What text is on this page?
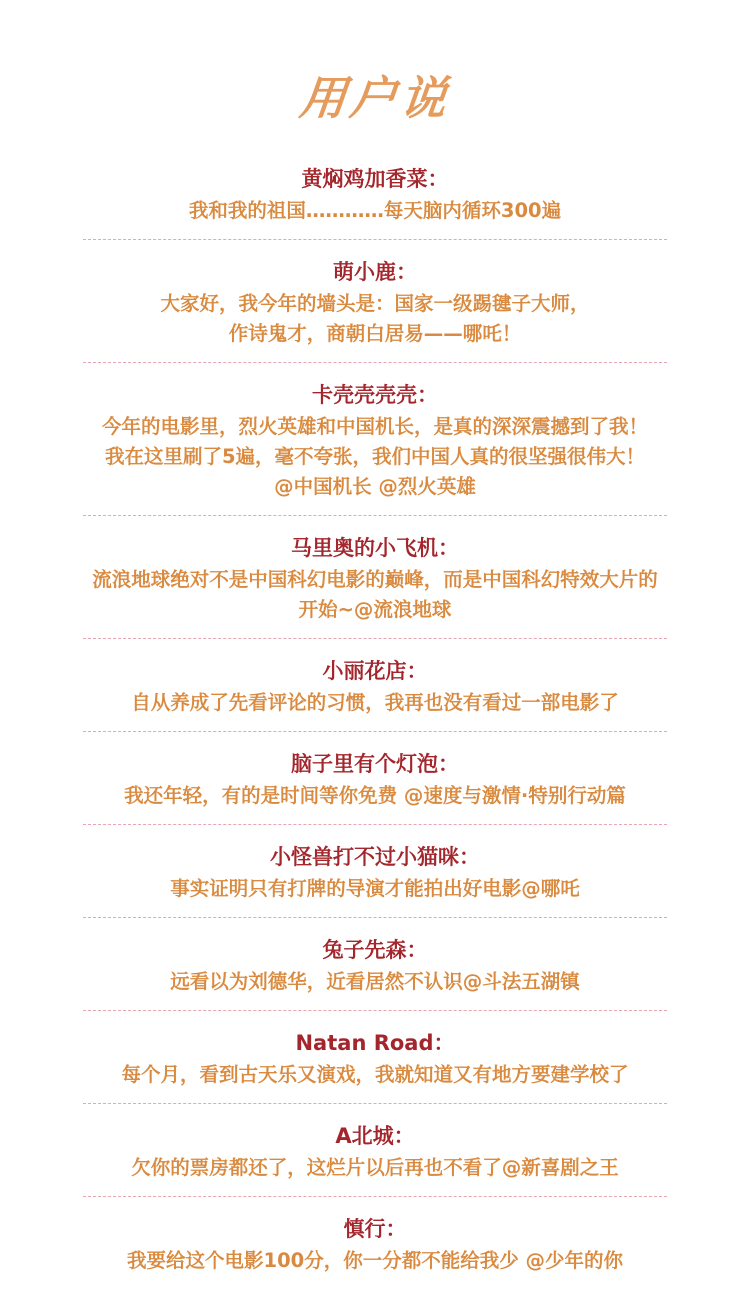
用户说
黄焖鸡加香菜：
我和我的祖国…………每天脑内循环300遍
萌小鹿：
大家好，我今年的墙头是：国家一级踢毽子大师，
作诗鬼才，商朝白居易——哪吒！
卡壳壳壳壳：
今年的电影里，烈火英雄和中国机长，是真的深深震撼到了我！
我在这里刷了5遍，毫不夸张，我们中国人真的很坚强很伟大！
@中国机长 @烈火英雄
马里奥的小飞机：
流浪地球绝对不是中国科幻电影的巅峰，而是中国科幻特效大片的
开始~@流浪地球
小丽花店：
自从养成了先看评论的习惯，我再也没有看过一部电影了
脑子里有个灯泡：
我还年轻，有的是时间等你免费 @速度与激情·特别行动篇
小怪兽打不过小猫咪：
事实证明只有打牌的导演才能拍出好电影@哪吒
兔子先森：
远看以为刘德华，近看居然不认识@斗法五湖镇
Natan Road：
每个月，看到古天乐又演戏，我就知道又有地方要建学校了
A北城：
欠你的票房都还了，这烂片以后再也不看了@新喜剧之王
慎行：
我要给这个电影100分，你一分都不能给我少 @少年的你
